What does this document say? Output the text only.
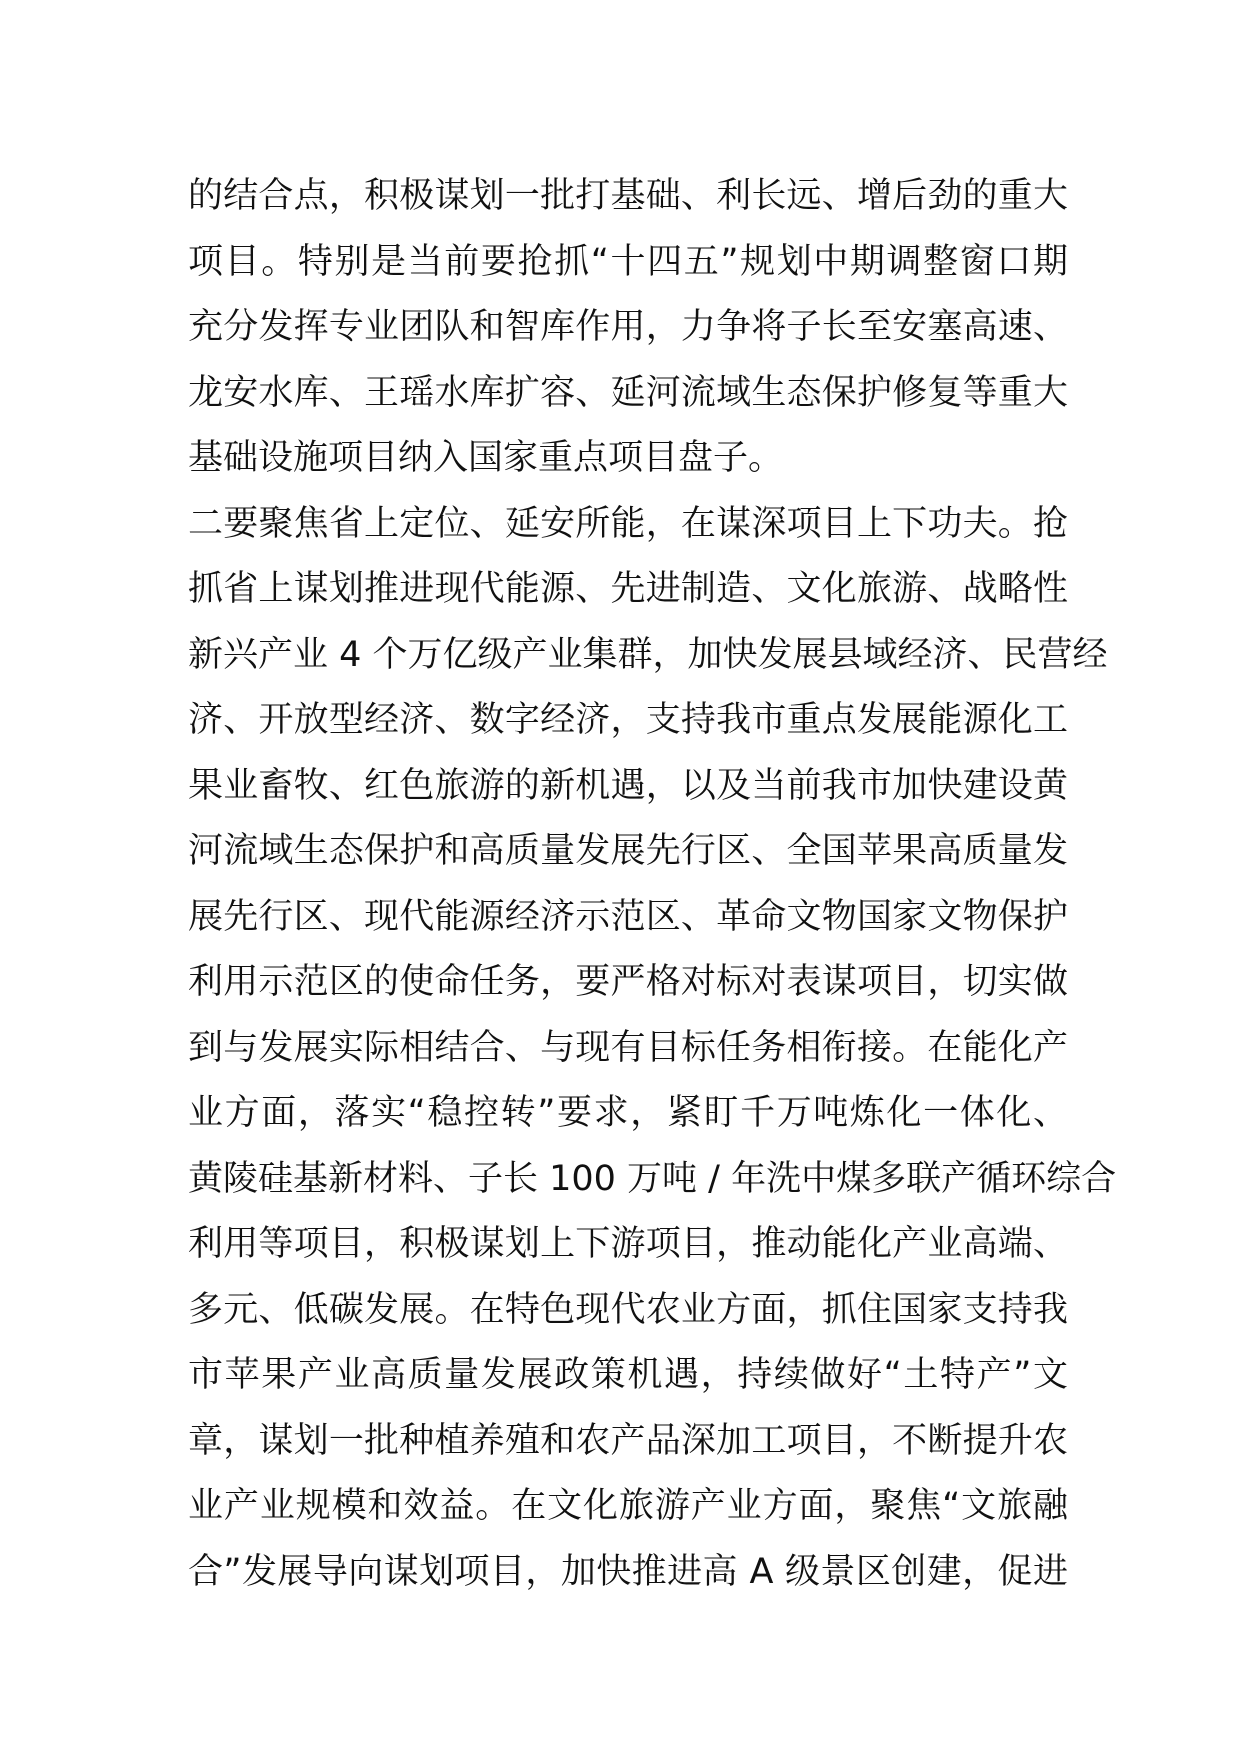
的结合点，积极谋划一批打基础、利长远、增后劲的重大
项目。特别是当前要抢抓“十四五”规划中期调整窗口期
充分发挥专业团队和智库作用，力争将子长至安塞高速、
龙安水库、王瑶水库扩容、延河流域生态保护修复等重大
基础设施项目纳入国家重点项目盘子。
二要聚焦省上定位、延安所能，在谋深项目上下功夫。抢
抓省上谋划推进现代能源、先进制造、文化旅游、战略性
新兴产业 4 个万亿级产业集群，加快发展县域经济、民营经
济、开放型经济、数字经济，支持我市重点发展能源化工
果业畜牧、红色旅游的新机遇，以及当前我市加快建设黄
河流域生态保护和高质量发展先行区、全国苹果高质量发
展先行区、现代能源经济示范区、革命文物国家文物保护
利用示范区的使命任务，要严格对标对表谋项目，切实做
到与发展实际相结合、与现有目标任务相衔接。在能化产
业方面，落实“稳控转”要求，紧盯千万吨炼化一体化、
黄陵硅基新材料、子长 100 万吨 / 年洗中煤多联产循环综合
利用等项目，积极谋划上下游项目，推动能化产业高端、
多元、低碳发展。在特色现代农业方面，抓住国家支持我
市苹果产业高质量发展政策机遇，持续做好“土特产”文
章，谋划一批种植养殖和农产品深加工项目，不断提升农
业产业规模和效益。在文化旅游产业方面，聚焦“文旅融
合”发展导向谋划项目，加快推进高 A 级景区创建，促进
